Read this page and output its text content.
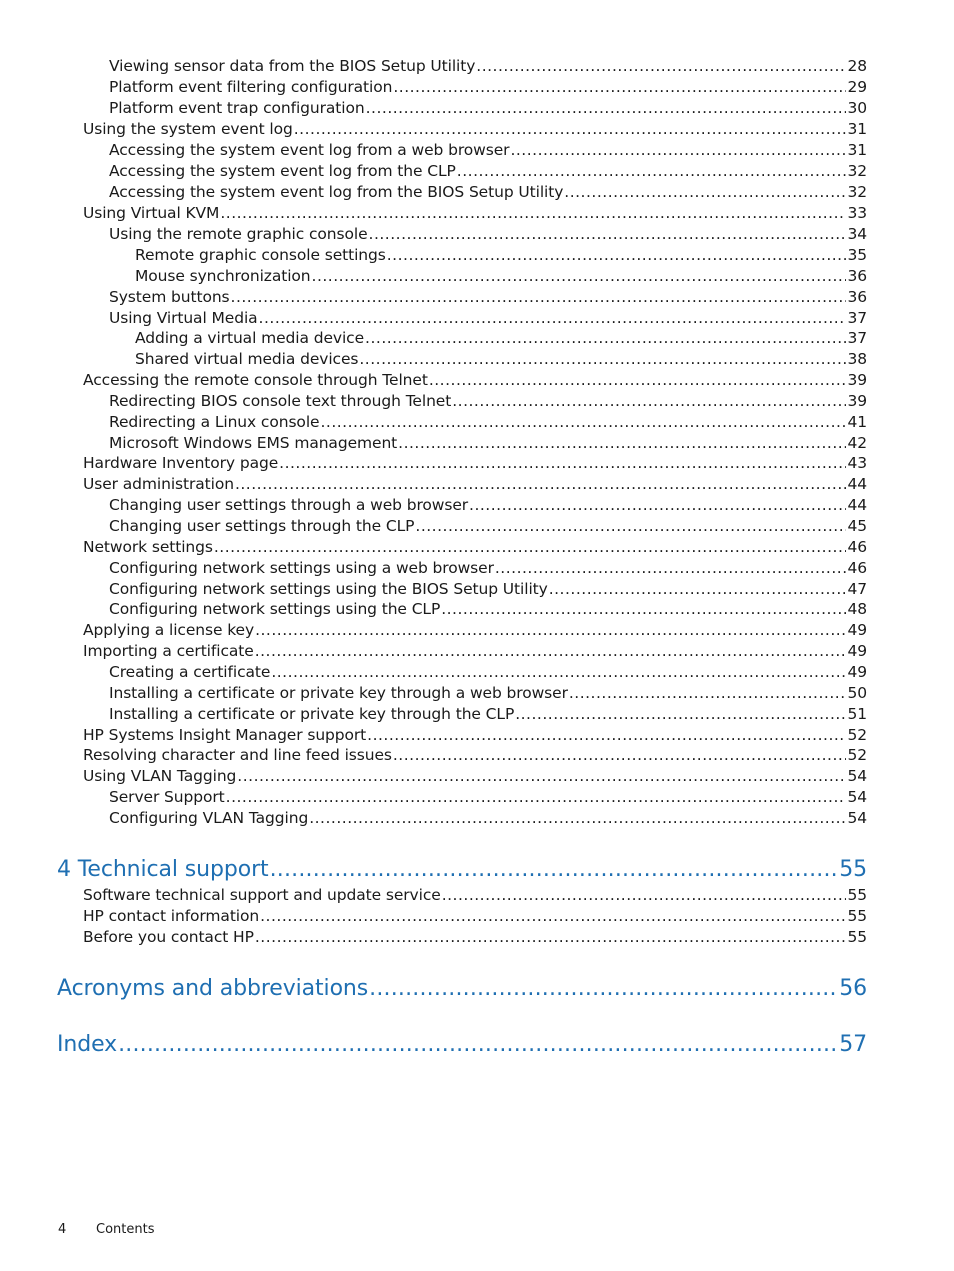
Viewing sensor data from the BIOS Setup Utility .....	28
Platform event filtering configuration .....	29
Platform event trap configuration .....	30
Using the system event log .....	31
Accessing the system event log from a web browser .....	31
Accessing the system event log from the CLP .....	32
Accessing the system event log from the BIOS Setup Utility .....	32
Using Virtual KVM .....	33
Using the remote graphic console .....	34
Remote graphic console settings .....	35
Mouse synchronization .....	36
System buttons .....	36
Using Virtual Media .....	37
Adding a virtual media device .....	37
Shared virtual media devices .....	38
Accessing the remote console through Telnet .....	39
Redirecting BIOS console text through Telnet .....	39
Redirecting a Linux console .....	41
Microsoft Windows EMS management .....	42
Hardware Inventory page .....	43
User administration .....	44
Changing user settings through a web browser .....	44
Changing user settings through the CLP .....	45
Network settings .....	46
Configuring network settings using a web browser .....	46
Configuring network settings using the BIOS Setup Utility .....	47
Configuring network settings using the CLP .....	48
Applying a license key .....	49
Importing a certificate .....	49
Creating a certificate .....	49
Installing a certificate or private key through a web browser .....	50
Installing a certificate or private key through the CLP .....	51
HP Systems Insight Manager support .....	52
Resolving character and line feed issues .....	52
Using VLAN Tagging .....	54
Server Support .....	54
Configuring VLAN Tagging .....	54
4 Technical support .....	55
Software technical support and update service .....	55
HP contact information .....	55
Before you contact HP .....	55
Acronyms and abbreviations .....	56
Index .....	57
4	Contents
